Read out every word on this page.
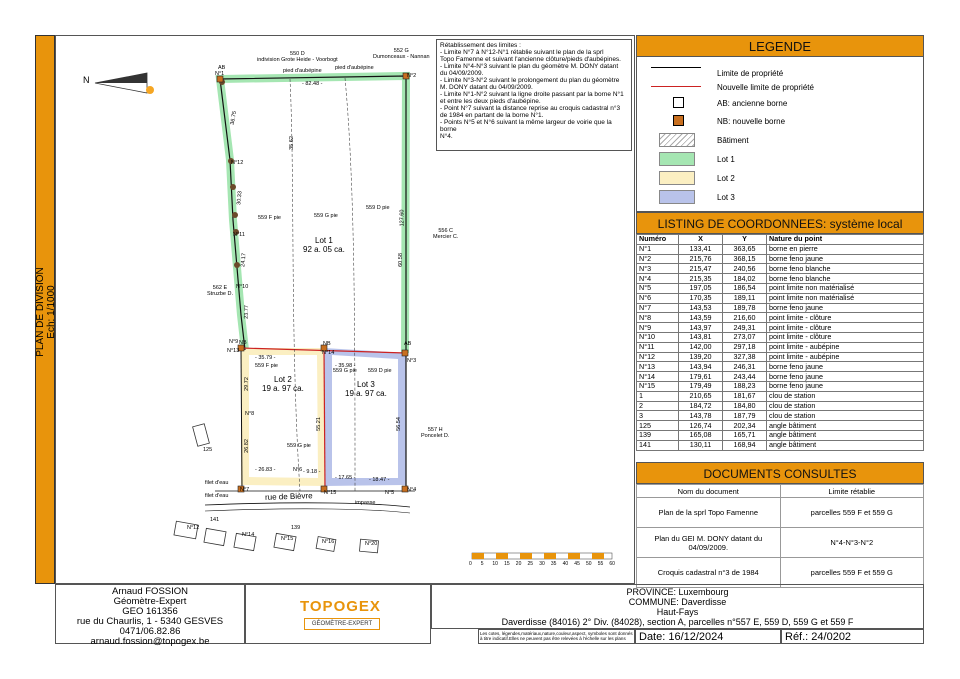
PLAN DE DIVISION Ech: 1/1000
Rétablissement des limites :
- Limite N°7 à N°12-N°1 rétablie suivant le plan de la sprl
Topo Famenne et suivant l'ancienne clôture/pieds d'aubépines.
- Limite N°4-N°3 suivant le plan du géomètre M. DONY datant
du 04/09/2009.
- Limite N°3-N°2 suivant le prolongement du plan du géomètre
M. DONY datant du 04/09/2009.
- Limite N°1-N°2 suivant la ligne droite passant par la borne N°1
et entre les deux pieds d'aubépine.
- Point N°7 suivant la distance reprise au croquis cadastral n°3
de 1984 en partant de la borne N°1.
- Points N°5 et N°6 suivant la même largeur de voirie que la borne
N°4.
550 D
indivision Grote Heide - Voorbogt
552 G
Dumonceaux - Nannan
pied d'aubépine pied d'aubépine
556 C
Mercier C.
562 E
Struzbe D.
557 H
Poncelet D.
Lot 1
92 a. 05 ca.
Lot 2
19 a. 97 ca.	Lot 3
19 a. 97 ca.
559 F pie	559 G pie
559 D pie
559 F pie
559 G pie
559 G pie 559 D pie
rue de Bièvre
impasse
filet d'eau
filet d'eau
- 82.48 -
- 35.79 -
- 35.98 -
- 26.83 -	- 9.18 -
- 17.65 - - 18.47 -
36.75
30.33
24.17
23.77
29.72
26.82
55.21	56.54
127.60
60.58
35.62
N°12
N°11
N°10
N°9
N°13	N°14
N°3
N°2
N°1
N°8
N°7
N°6
N°15	N°5 N°4
AB
AB
NB	NB
141
139
125
N°12
N°14
N°15	N°16	N°20
N
0 5 10 15 20 25 30 35 40 45 50 55 60
LEGENDE
Limite de propriété
Nouvelle limite de propriété
AB: ancienne borne
NB: nouvelle borne
Bâtiment
Lot 1
Lot 2
Lot 3
LISTING DE COORDONNEES: système local
Numéro	X	Y	Nature du point
N°1	133,41	363,65	borne en pierre
N°2	215,76	368,15	borne feno jaune
N°3	215,47	240,56	borne feno blanche
N°4	215,35	184,02	borne feno blanche
N°5	197,05	186,54	point limite non matérialisé
N°6	170,35	189,11	point limite non matérialisé
N°7	143,53	189,78	borne feno jaune
N°8	143,59	216,60	point limite - clôture
N°9	143,97	249,31	point limite - clôture
N°10	143,81	273,07	point limite - clôture
N°11	142,00	297,18	point limite - aubépine
N°12	139,20	327,38	point limite - aubépine
N°13	143,94	246,31	borne feno jaune
N°14	179,61	243,44	borne feno jaune
N°15	179,49	188,23	borne feno jaune
1	210,65	181,67	clou de station
2	184,72	184,80	clou de station
3	143,78	187,79	clou de station
125	126,74	202,34	angle bâtiment
139	165,08	165,71	angle bâtiment
141	130,11	168,94	angle bâtiment
DOCUMENTS CONSULTES
Nom du document	Limite rétablie
Plan de la sprl Topo Famenne	parcelles 559 F et 559 G
Plan du GEI M. DONY datant du 04/09/2009.	N°4-N°3-N°2
Croquis cadastral n°3 de 1984	parcelles 559 F et 559 G
Arnaud FOSSION
Géomètre-Expert
GEO 161356
rue du Chaurlis, 1 - 5340 GESVES
0471/06.82.86
arnaud.fossion@topogex.be
TOPOGEX
GÉOMÈTRE-EXPERT
PROVINCE: Luxembourg
COMMUNE: Daverdisse
Haut-Fays
Daverdisse (84016) 2° Div. (84028), section A, parcelles n°557 E, 559 D, 559 G et 559 F
Les cotes, légendes,matériaux,nature,couleur,aspect, symboles sont donnés à titre indicatif.Elles ne peuvent pas être relevées à l'échelle sur les plans	Date: 16/12/2024	Réf.: 24/0202
